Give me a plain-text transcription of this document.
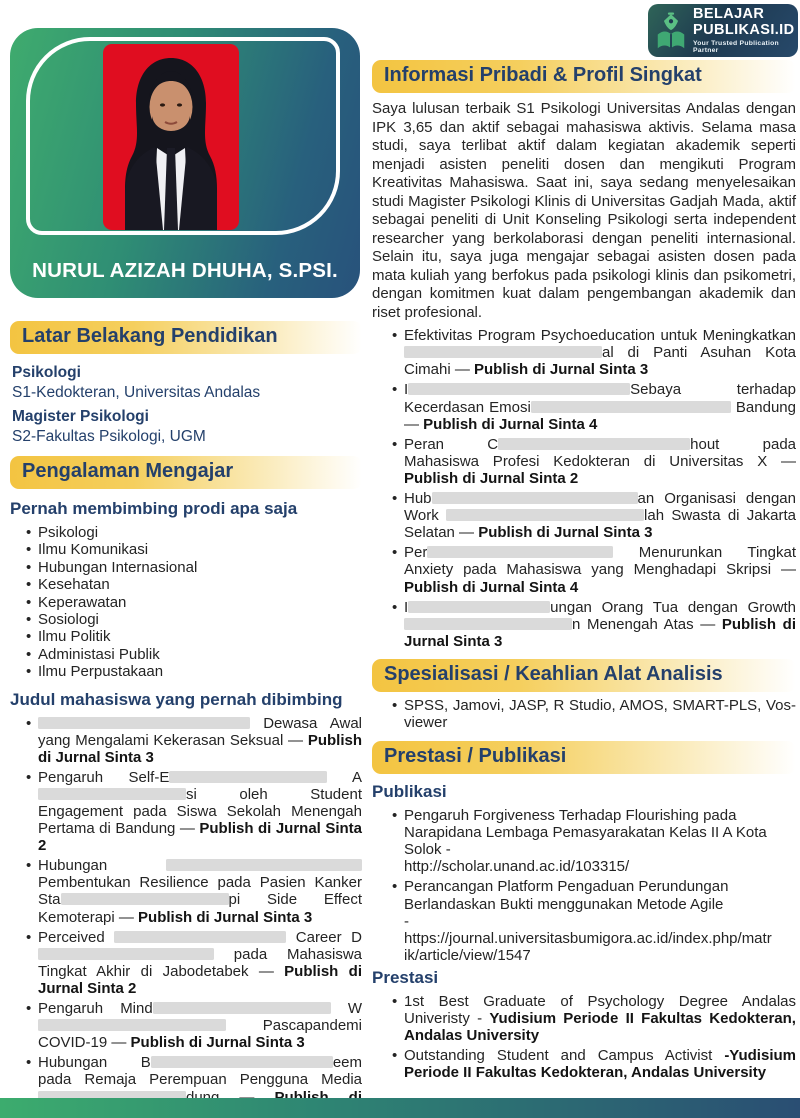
BELAJAR
PUBLIKASI.ID
Your Trusted Publication Partner
NURUL AZIZAH DHUHA, S.PSI.
Latar Belakang Pendidikan
Psikologi
S1-Kedokteran, Universitas Andalas
Magister Psikologi
S2-Fakultas Psikologi, UGM
Pengalaman Mengajar
Pernah membimbing prodi apa saja
• Psikologi
• Ilmu Komunikasi
• Hubungan Internasional
• Kesehatan
• Keperawatan
• Sosiologi
• Ilmu Politik
• Administasi Publik
• Ilmu Perpustakaan
Judul mahasiswa yang pernah dibimbing
• Dewasa Awal yang Mengalami Kekerasan Seksual — Publish di Jurnal Sinta 3
• Pengaruh Self-E	Asi oleh Student Engagement pada Siswa Sekolah Menengah Pertama di Bandung — Publish di Jurnal Sinta 2
• Hubungan  Pembentukan Resilience pada Pasien Kanker Sta	pi Side Effect Kemoterapi — Publish di Jurnal Sinta 3
• Perceived	Career D pada Mahasiswa Tingkat Akhir di Jabodetabek — Publish di Jurnal Sinta 2
• Pengaruh Mind	W Pascapandemi COVID-19 — Publish di Jurnal Sinta 3
• Hubungan B	eem pada Remaja Perempuan Pengguna Media
Informasi Pribadi & Profil Singkat

Saya lulusan terbaik S1 Psikologi Universitas Andalas dengan IPK 3,65 dan aktif sebagai mahasiswa aktivis. Selama masa studi, saya terlibat aktif dalam kegiatan akademik seperti menjadi asisten peneliti dosen dan mengikuti Program Kreativitas Mahasiswa. Saat ini, saya sedang menyelesaikan studi Magister Psikologi Klinis di Universitas Gadjah Mada, aktif sebagai peneliti di Unit Konseling Psikologi serta independent researcher yang berkolaborasi dengan peneliti internasional. Selain itu, saya juga mengajar sebagai asisten dosen pada mata kuliah yang berfokus pada psikologi klinis dan psikometri, dengan komitmen kuat dalam pengembangan akademik dan riset profesional.

• Efektivitas Program Psychoeducation untuk Meningkatkanal di Panti Asuhan Kota Cimahi — Publish di Jurnal Sinta 3
• I	Sebaya terhadap Kecerdasan Emosi	Bandung — Publish di Jurnal Sinta 4
• Peran C	hout pada Mahasiswa Profesi Kedokteran di Universitas X — Publish di Jurnal Sinta 2
• Hub	an Organisasi dengan Work	lah Swasta di Jakarta Selatan — Publish di Jurnal Sinta 3
• Per	Menurunkan Tingkat Anxiety pada Mahasiswa yang Menghadapi Skripsi — Publish di Jurnal Sinta 4
• I	ungan Orang Tua dengan Growth n Menengah Atas — Publish di Jurnal Sinta 3
Spesialisasi / Keahlian Alat Analisis
• SPSS, Jamovi, JASP, R Studio, AMOS, SMART-PLS, Vos-viewer
Prestasi / Publikasi
Publikasi
• Pengaruh Forgiveness Terhadap Flourishing pada Narapidana Lembaga Pemasyarakatan Kelas II A Kota Solok -
http://scholar.unand.ac.id/103315/
• Perancangan Platform Pengaduan Perundungan Berlandaskan Bukti menggunakan Metode Agile
-
https://journal.universitasbumigora.ac.id/index.php/matrik/article/view/1547
Prestasi
• 1st Best Graduate of Psychology Degree Andalas Univeristy - Yudisium Periode II Fakultas Kedokteran, Andalas University
• Outstanding Student and Campus Activist -Yudisium Periode II Fakultas Kedokteran, Andalas University
